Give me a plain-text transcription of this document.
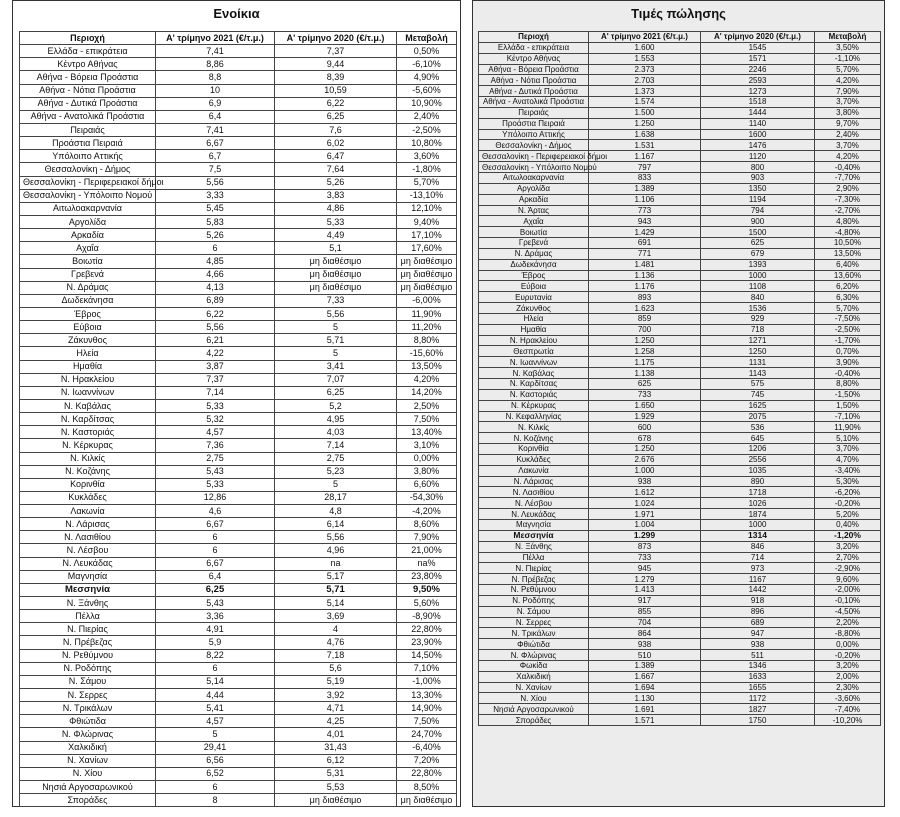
Ενοίκια
Περιοχή	Α' τρίμηνο 2021 (€/τ.μ.)	Α' τρίμηνο 2020 (€/τ.μ.)	Μεταβολή
Ελλάδα - επικράτεια	7,41	7,37	0,50%
Κέντρο Αθήνας	8,86	9,44	-6,10%
Αθήνα - Βόρεια Προάστια	8,8	8,39	4,90%
Αθήνα - Νότια Προάστια	10	10,59	-5,60%
Αθήνα - Δυτικά Προάστια	6,9	6,22	10,90%
Αθήνα - Ανατολικά Προάστια	6,4	6,25	2,40%
Πειραιάς	7,41	7,6	-2,50%
Προάστια Πειραιά	6,67	6,02	10,80%
Υπόλοιπο Αττικής	6,7	6,47	3,60%
Θεσσαλονίκη - Δήμος	7,5	7,64	-1,80%
Θεσσαλονίκη - Περιφερειακοί δήμοι	5,56	5,26	5,70%
Θεσσαλονίκη - Υπόλοιπο Νομού	3,33	3,83	-13,10%
Αιτωλοακαρνανία	5,45	4,86	12,10%
Αργολίδα	5,83	5,33	9,40%
Αρκαδία	5,26	4,49	17,10%
Αχαΐα	6	5,1	17,60%
Βοιωτία	4,85	μη διαθέσιμο	μη διαθέσιμο
Γρεβενά	4,66	μη διαθέσιμο	μη διαθέσιμο
Ν. Δράμας	4,13	μη διαθέσιμο	μη διαθέσιμο
Δωδεκάνησα	6,89	7,33	-6,00%
Έβρος	6,22	5,56	11,90%
Εύβοια	5,56	5	11,20%
Ζάκυνθος	6,21	5,71	8,80%
Ηλεία	4,22	5	-15,60%
Ημαθία	3,87	3,41	13,50%
Ν. Ηρακλείου	7,37	7,07	4,20%
Ν. Ιωαννίνων	7,14	6,25	14,20%
Ν. Καβάλας	5,33	5,2	2,50%
Ν. Καρδίτσας	5,32	4,95	7,50%
Ν. Καστοριάς	4,57	4,03	13,40%
Ν. Κέρκυρας	7,36	7,14	3,10%
Ν. Κιλκίς	2,75	2,75	0,00%
Ν. Κοζάνης	5,43	5,23	3,80%
Κορινθία	5,33	5	6,60%
Κυκλάδες	12,86	28,17	-54,30%
Λακωνία	4,6	4,8	-4,20%
Ν. Λάρισας	6,67	6,14	8,60%
Ν. Λασιθίου	6	5,56	7,90%
Ν. Λέσβου	6	4,96	21,00%
Ν. Λευκάδας	6,67	na	na%
Μαγνησία	6,4	5,17	23,80%
Μεσσηνία	6,25	5,71	9,50%
Ν. Ξάνθης	5,43	5,14	5,60%
Πέλλα	3,36	3,69	-8,90%
Ν. Πιερίας	4,91	4	22,80%
Ν. Πρέβεζας	5,9	4,76	23,90%
Ν. Ρεθύμνου	8,22	7,18	14,50%
Ν. Ροδόπης	6	5,6	7,10%
Ν. Σάμου	5,14	5,19	-1,00%
Ν. Σερρες	4,44	3,92	13,30%
Ν. Τρικάλων	5,41	4,71	14,90%
Φθιώτιδα	4,57	4,25	7,50%
Ν. Φλώρινας	5	4,01	24,70%
Χαλκιδική	29,41	31,43	-6,40%
Ν. Χανίων	6,56	6,12	7,20%
Ν. Χίου	6,52	5,31	22,80%
Νησιά Αργοσαρωνικού	6	5,53	8,50%
Σποράδες	8	μη διαθέσιμο	μη διαθέσιμο
Τιμές πώλησης
Περιοχή	Α' τρίμηνο 2021 (€/τ.μ.)	Α' τρίμηνο 2020 (€/τ.μ.)	Μεταβολή
Ελλάδα - επικράτεια	1.600	1545	3,50%
Κέντρο Αθήνας	1.553	1571	-1,10%
Αθήνα - Βόρεια Προάστια	2.373	2246	5,70%
Αθήνα - Νότια Προάστια	2.703	2593	4,20%
Αθήνα - Δυτικά Προάστια	1.373	1273	7,90%
Αθήνα - Ανατολικά Προάστια	1.574	1518	3,70%
Πειραιάς	1.500	1444	3,80%
Προάστια Πειραιά	1.250	1140	9,70%
Υπόλοιπο Αττικής	1.638	1600	2,40%
Θεσσαλονίκη - Δήμος	1.531	1476	3,70%
Θεσσαλονίκη - Περιφερειακοί δήμοι	1.167	1120	4,20%
Θεσσαλονίκη - Υπόλοιπο Νομού	797	800	-0,40%
Αιτωλοακαρνανία	833	903	-7,70%
Αργολίδα	1.389	1350	2,90%
Αρκαδία	1.106	1194	-7,30%
Ν. Άρτας	773	794	-2,70%
Αχαΐα	943	900	4,80%
Βοιωτία	1.429	1500	-4,80%
Γρεβενά	691	625	10,50%
Ν. Δράμας	771	679	13,50%
Δωδεκάνησα	1.481	1393	6,40%
Έβρος	1.136	1000	13,60%
Εύβοια	1.176	1108	6,20%
Ευρυτανία	893	840	6,30%
Ζάκυνθος	1.623	1536	5,70%
Ηλεία	859	929	-7,50%
Ημαθία	700	718	-2,50%
Ν. Ηρακλείου	1.250	1271	-1,70%
Θεσπρωτία	1.258	1250	0,70%
Ν. Ιωαννίνων	1.175	1131	3,90%
Ν. Καβάλας	1.138	1143	-0,40%
Ν. Καρδίτσας	625	575	8,80%
Ν. Καστοριάς	733	745	-1,50%
Ν. Κέρκυρας	1.650	1625	1,50%
Ν. Κεφαλληνίας	1.929	2075	-7,10%
Ν. Κιλκίς	600	536	11,90%
Ν. Κοζάνης	678	645	5,10%
Κορινθία	1.250	1206	3,70%
Κυκλάδες	2.676	2556	4,70%
Λακωνία	1.000	1035	-3,40%
Ν. Λάρισας	938	890	5,30%
Ν. Λασιθίου	1.612	1718	-6,20%
Ν. Λέσβου	1.024	1026	-0,20%
Ν. Λευκάδας	1.971	1874	5,20%
Μαγνησία	1.004	1000	0,40%
Μεσσηνία	1.299	1314	-1,20%
Ν. Ξάνθης	873	846	3,20%
Πέλλα	733	714	2,70%
Ν. Πιερίας	945	973	-2,90%
Ν. Πρέβεζας	1.279	1167	9,60%
Ν. Ρεθύμνου	1.413	1442	-2,00%
Ν. Ροδόπης	917	918	-0,10%
Ν. Σάμου	855	896	-4,50%
Ν. Σερρες	704	689	2,20%
Ν. Τρικάλων	864	947	-8,80%
Φθιώτιδα	938	938	0,00%
Ν. Φλώρινας	510	511	-0,20%
Φωκίδα	1.389	1346	3,20%
Χαλκιδική	1.667	1633	2,00%
Ν. Χανίων	1.694	1655	2,30%
Ν. Χίου	1.130	1172	-3,60%
Νησιά Αργοσαρωνικού	1.691	1827	-7,40%
Σποράδες	1.571	1750	-10,20%
